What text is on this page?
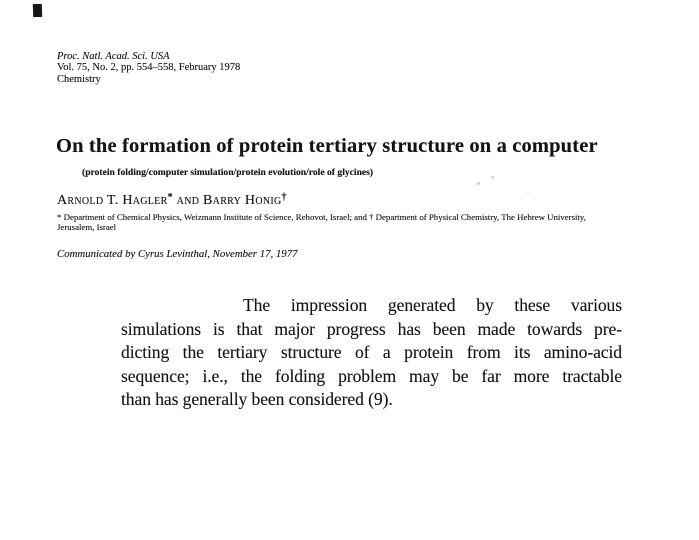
Proc. Natl. Acad. Sci. USA
Vol. 75, No. 2, pp. 554–558, February 1978
Chemistry
On the formation of protein tertiary structure on a computer
(protein folding/computer simulation/protein evolution/role of glycines)
Arnold T. Hagler* and Barry Honig†
* Department of Chemical Physics, Weizmann Institute of Science, Rehovot, Israel; and † Department of Physical Chemistry, The Hebrew University,
Jerusalem, Israel
Communicated by Cyrus Levinthal, November 17, 1977
The impression generated by these various
simulations is that major progress has been made towards pre-
dicting the tertiary structure of a protein from its amino-acid
sequence; i.e., the folding problem may be far more tractable
than has generally been considered (9).
